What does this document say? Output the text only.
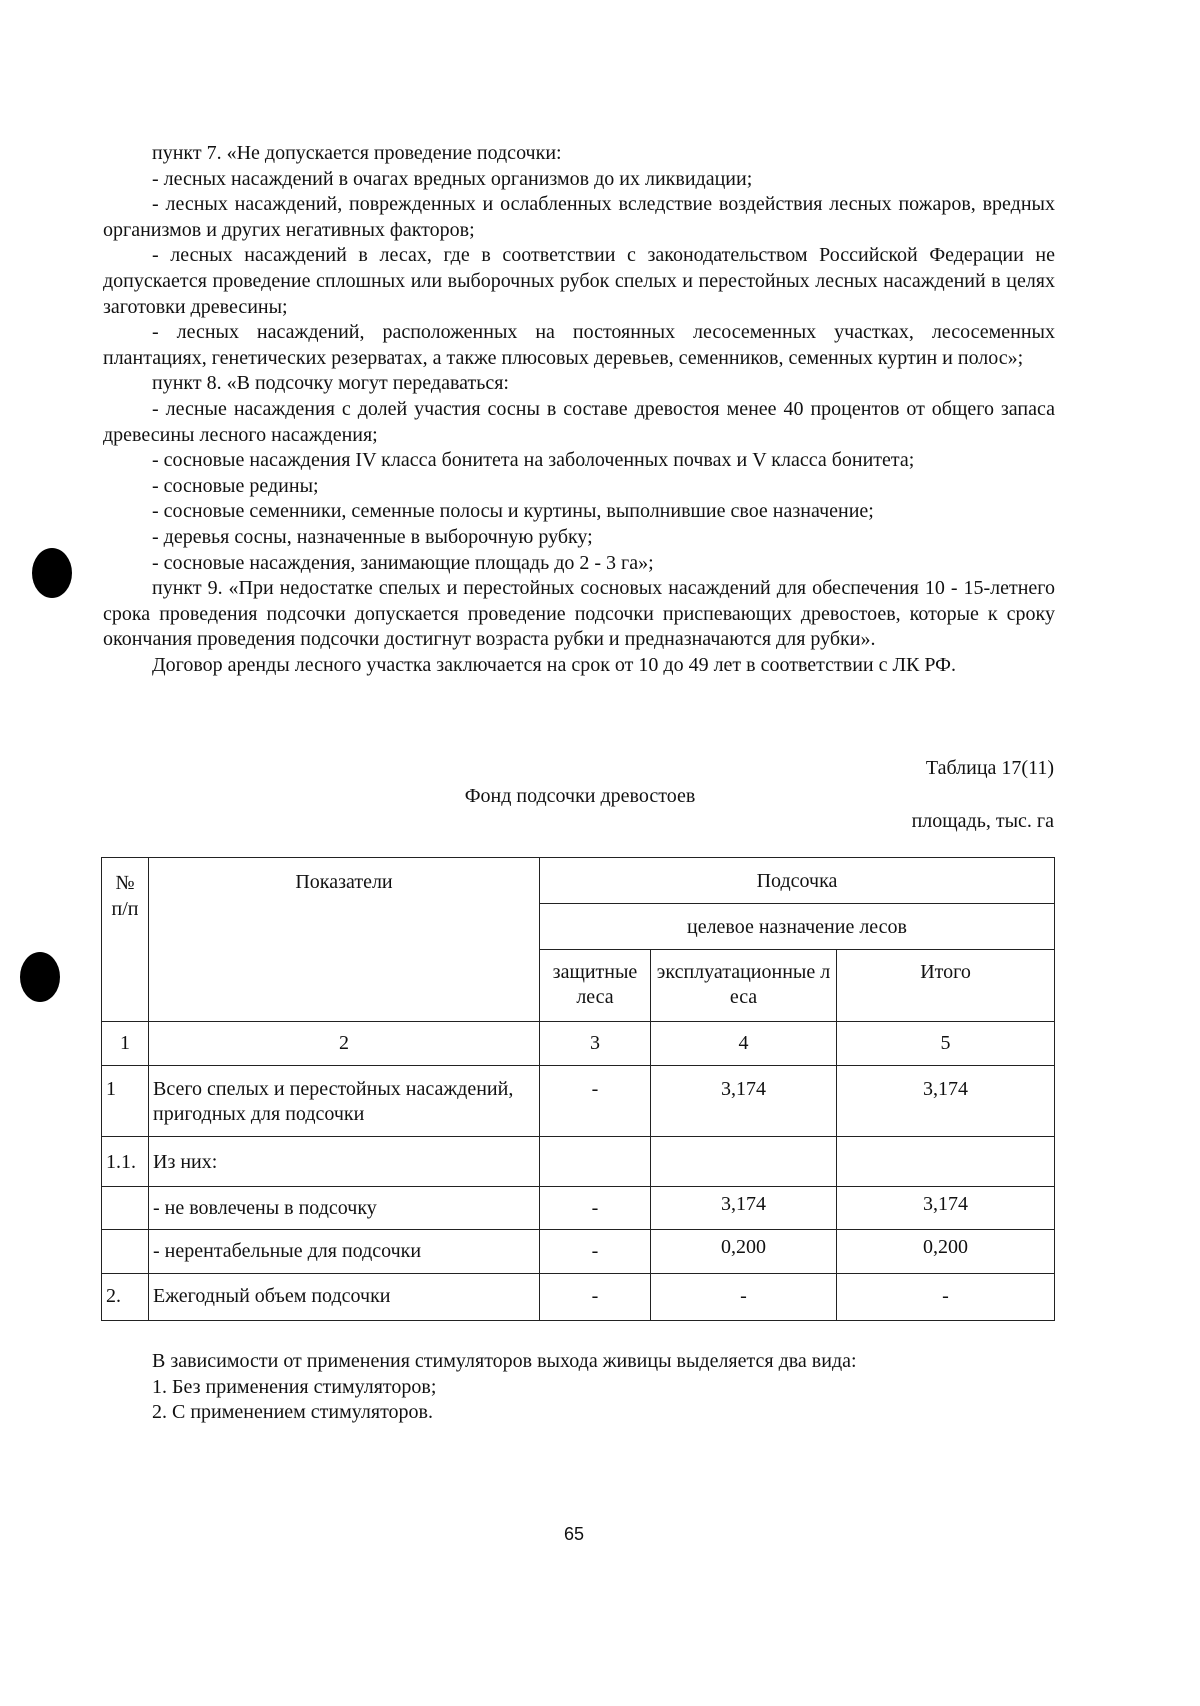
пункт 7. «Не допускается проведение подсочки:

- лесных насаждений в очагах вредных организмов до их ликвидации;

- лесных насаждений, поврежденных и ослабленных вследствие воздействия лесных пожаров, вредных организмов и других негативных факторов;

- лесных насаждений в лесах, где в соответствии с законодательством Российской Федерации не допускается проведение сплошных или выборочных рубок спелых и перестойных лесных насаждений в целях заготовки древесины;

- лесных насаждений, расположенных на постоянных лесосеменных участках, лесосеменных плантациях, генетических резерватах, а также плюсовых деревьев, семенников, семенных куртин и полос»;

пункт 8. «В подсочку могут передаваться:

- лесные насаждения с долей участия сосны в составе древостоя менее 40 процентов от общего запаса древесины лесного насаждения;

- сосновые насаждения IV класса бонитета на заболоченных почвах и V класса бонитета;

- сосновые редины;

- сосновые семенники, семенные полосы и куртины, выполнившие свое назначение;

- деревья сосны, назначенные в выборочную рубку;

- сосновые насаждения, занимающие площадь до 2 - 3 га»;

пункт 9. «При недостатке спелых и перестойных сосновых насаждений для обеспечения 10 - 15-летнего срока проведения подсочки допускается проведение подсочки приспевающих древостоев, которые к сроку окончания проведения подсочки достигнут возраста рубки и предназначаются для рубки».

Договор аренды лесного участка заключается на срок от 10 до 49 лет в соответствии с ЛК РФ.

Таблица 17(11)
Фонд подсочки древостоев
площадь, тыс. га
№ п/п	Показатели	Подсочка		
		целевое назначение лесов		
		защитные леса	эксплуатационные леса	Итого
1	2	3	4	5
1	Всего спелых и перестойных насаждений, пригодных для подсочки	-	3,174	3,174
1.1.	Из них:			
	- не вовлечены в подсочку	-	3,174	3,174
	- нерентабельные для подсочки	-	0,200	0,200
2.	Ежегодный объем подсочки	-	-	-
В зависимости от применения стимуляторов выхода живицы выделяется два вида:
1. Без применения стимуляторов;
2. С применением стимуляторов.
65
